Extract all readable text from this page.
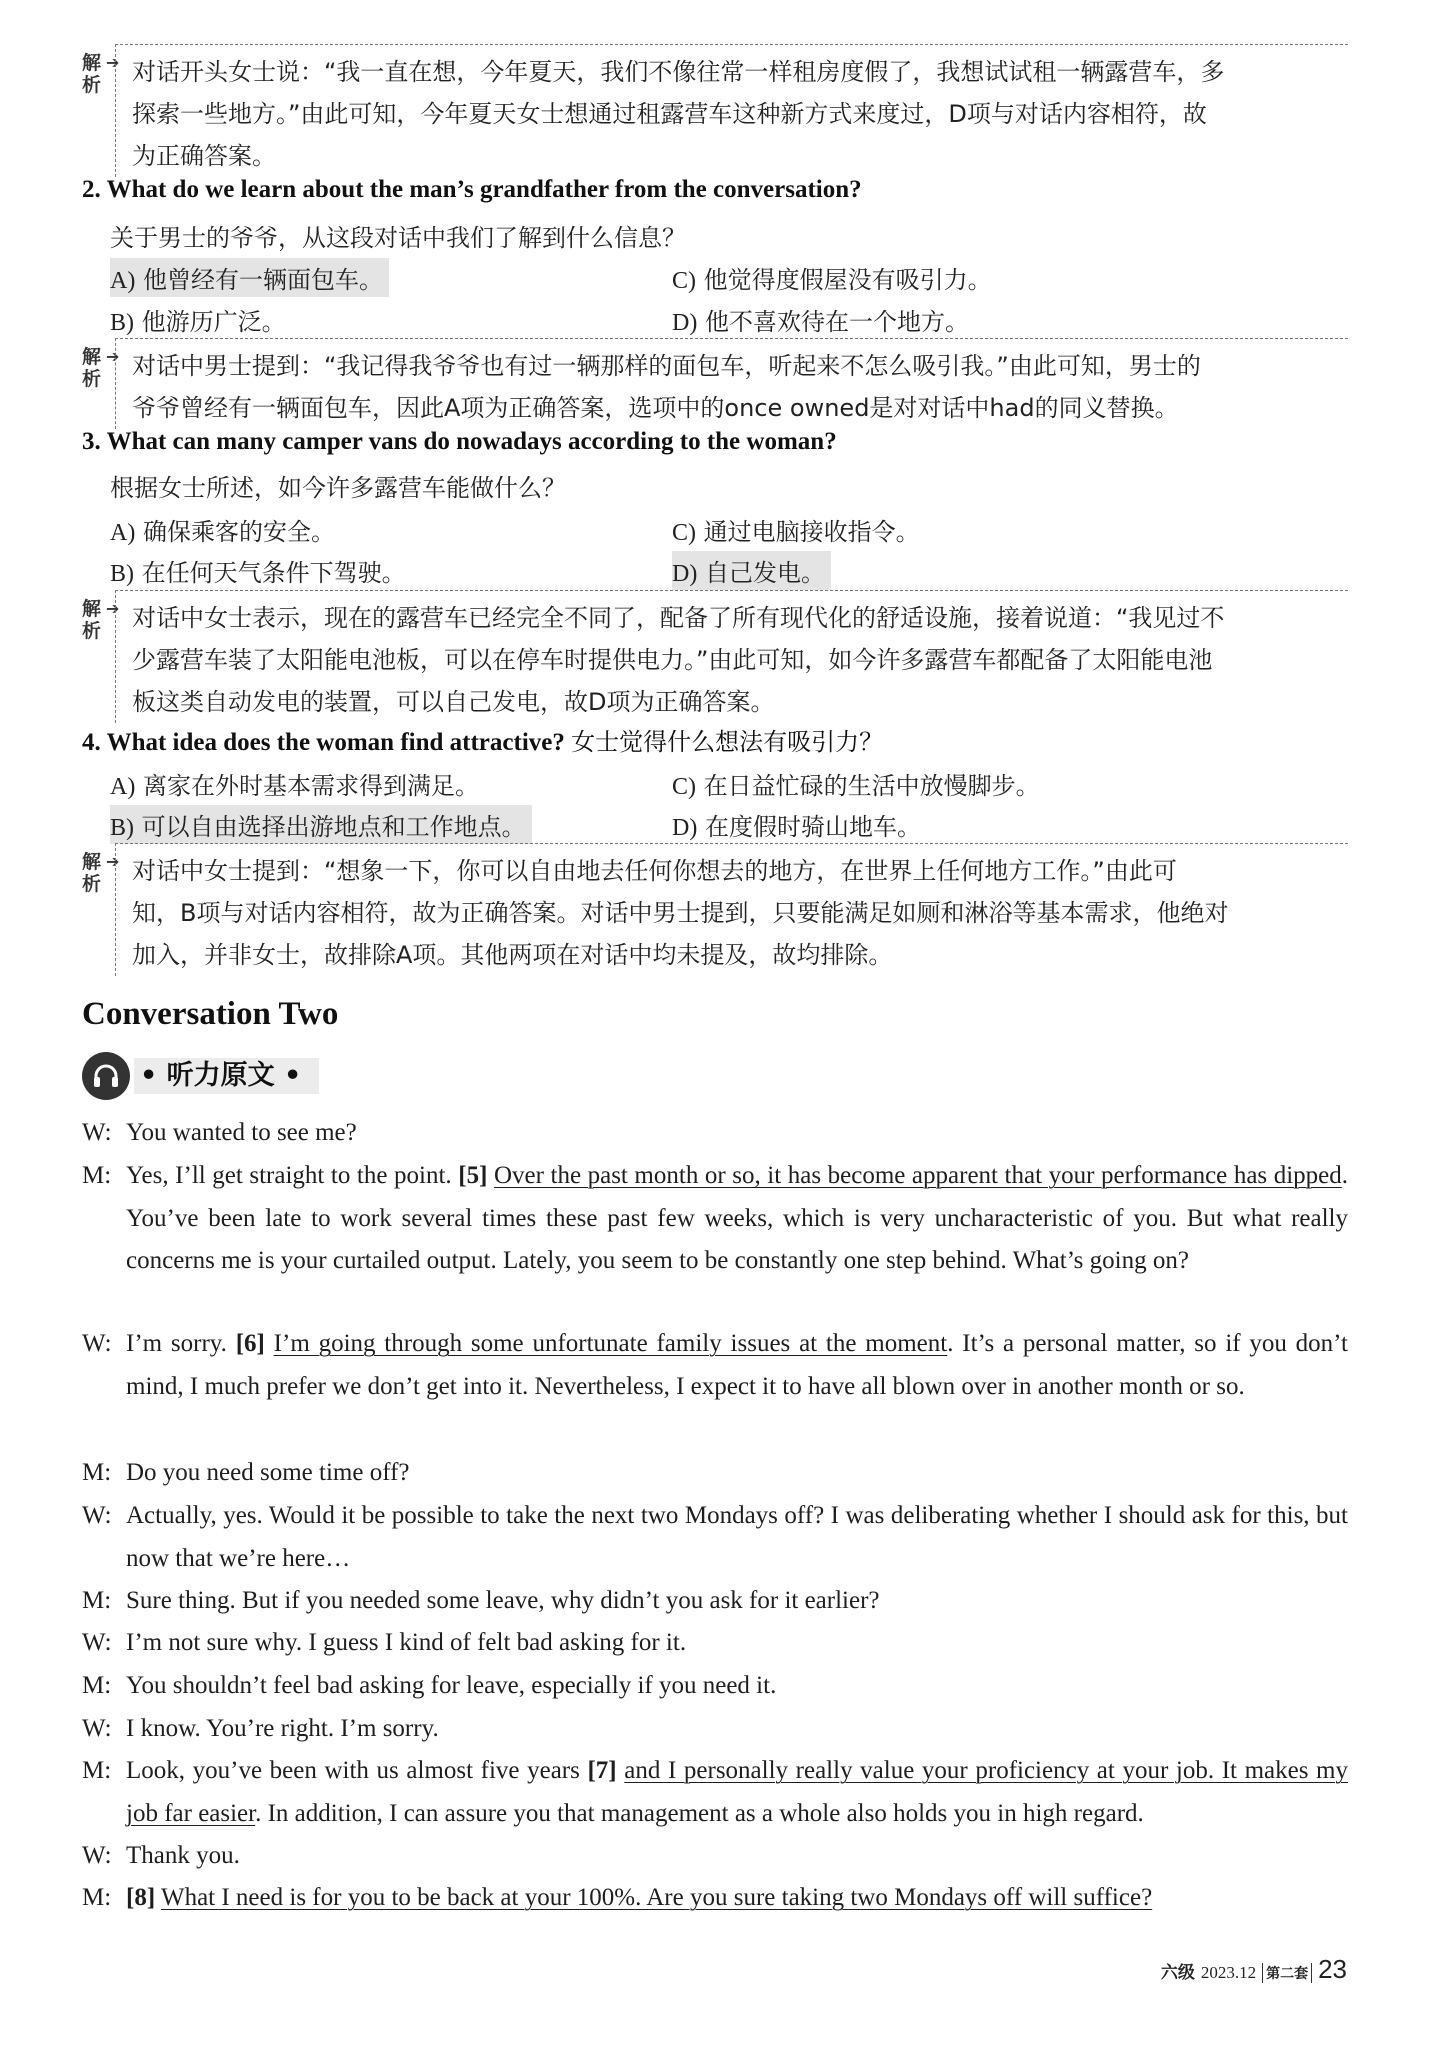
解析
➔ 对话开头女士说：“我一直在想，今年夏天，我们不像往常一样租房度假了，我想试试租一辆露营车，多
探索一些地方。”由此可知，今年夏天女士想通过租露营车这种新方式来度过，D项与对话内容相符，故
为正确答案。
2. What do we learn about the man’s grandfather from the conversation?
关于男士的爷爷，从这段对话中我们了解到什么信息？
A) 他曾经有一辆面包车。	C) 他觉得度假屋没有吸引力。
B) 他游历广泛。	D) 他不喜欢待在一个地方。
解析
➔ 对话中男士提到：“我记得我爷爷也有过一辆那样的面包车，听起来不怎么吸引我。”由此可知，男士的
爷爷曾经有一辆面包车，因此A项为正确答案，选项中的once owned是对对话中had的同义替换。
3. What can many camper vans do nowadays according to the woman?
根据女士所述，如今许多露营车能做什么？
A) 确保乘客的安全。	C) 通过电脑接收指令。
B) 在任何天气条件下驾驶。	D) 自己发电。
解析
➔ 对话中女士表示，现在的露营车已经完全不同了，配备了所有现代化的舒适设施，接着说道：“我见过不
少露营车装了太阳能电池板，可以在停车时提供电力。”由此可知，如今许多露营车都配备了太阳能电池
板这类自动发电的装置，可以自己发电，故D项为正确答案。
4. What idea does the woman find attractive? 女士觉得什么想法有吸引力？
A) 离家在外时基本需求得到满足。	C) 在日益忙碌的生活中放慢脚步。
B) 可以自由选择出游地点和工作地点。	D) 在度假时骑山地车。
解析
➔ 对话中女士提到：“想象一下，你可以自由地去任何你想去的地方，在世界上任何地方工作。”由此可
知，B项与对话内容相符，故为正确答案。对话中男士提到，只要能满足如厕和淋浴等基本需求，他绝对
加入，并非女士，故排除A项。其他两项在对话中均未提及，故均排除。
Conversation Two
• 听力原文 •
W: You wanted to see me?
M: Yes, I’ll get straight to the point. [5] Over the past month or so, it has become apparent that your performance has dipped. You’ve been late to work several times these past few weeks, which is very uncharacteristic of you. But what really concerns me is your curtailed output. Lately, you seem to be constantly one step behind. What’s going on?
W: I’m sorry. [6] I’m going through some unfortunate family issues at the moment. It’s a personal matter, so if you don’t mind, I much prefer we don’t get into it. Nevertheless, I expect it to have all blown over in another month or so.
M: Do you need some time off?
W: Actually, yes. Would it be possible to take the next two Mondays off? I was deliberating whether I should ask for this, but now that we’re here…
M: Sure thing. But if you needed some leave, why didn’t you ask for it earlier?
W: I’m not sure why. I guess I kind of felt bad asking for it.
M: You shouldn’t feel bad asking for leave, especially if you need it.
W: I know. You’re right. I’m sorry.
M: Look, you’ve been with us almost five years [7] and I personally really value your proficiency at your job. It makes my job far easier. In addition, I can assure you that management as a whole also holds you in high regard.
W: Thank you.
M: [8] What I need is for you to be back at your 100%. Are you sure taking two Mondays off will suffice?
六级 2023.12 第二套 23
